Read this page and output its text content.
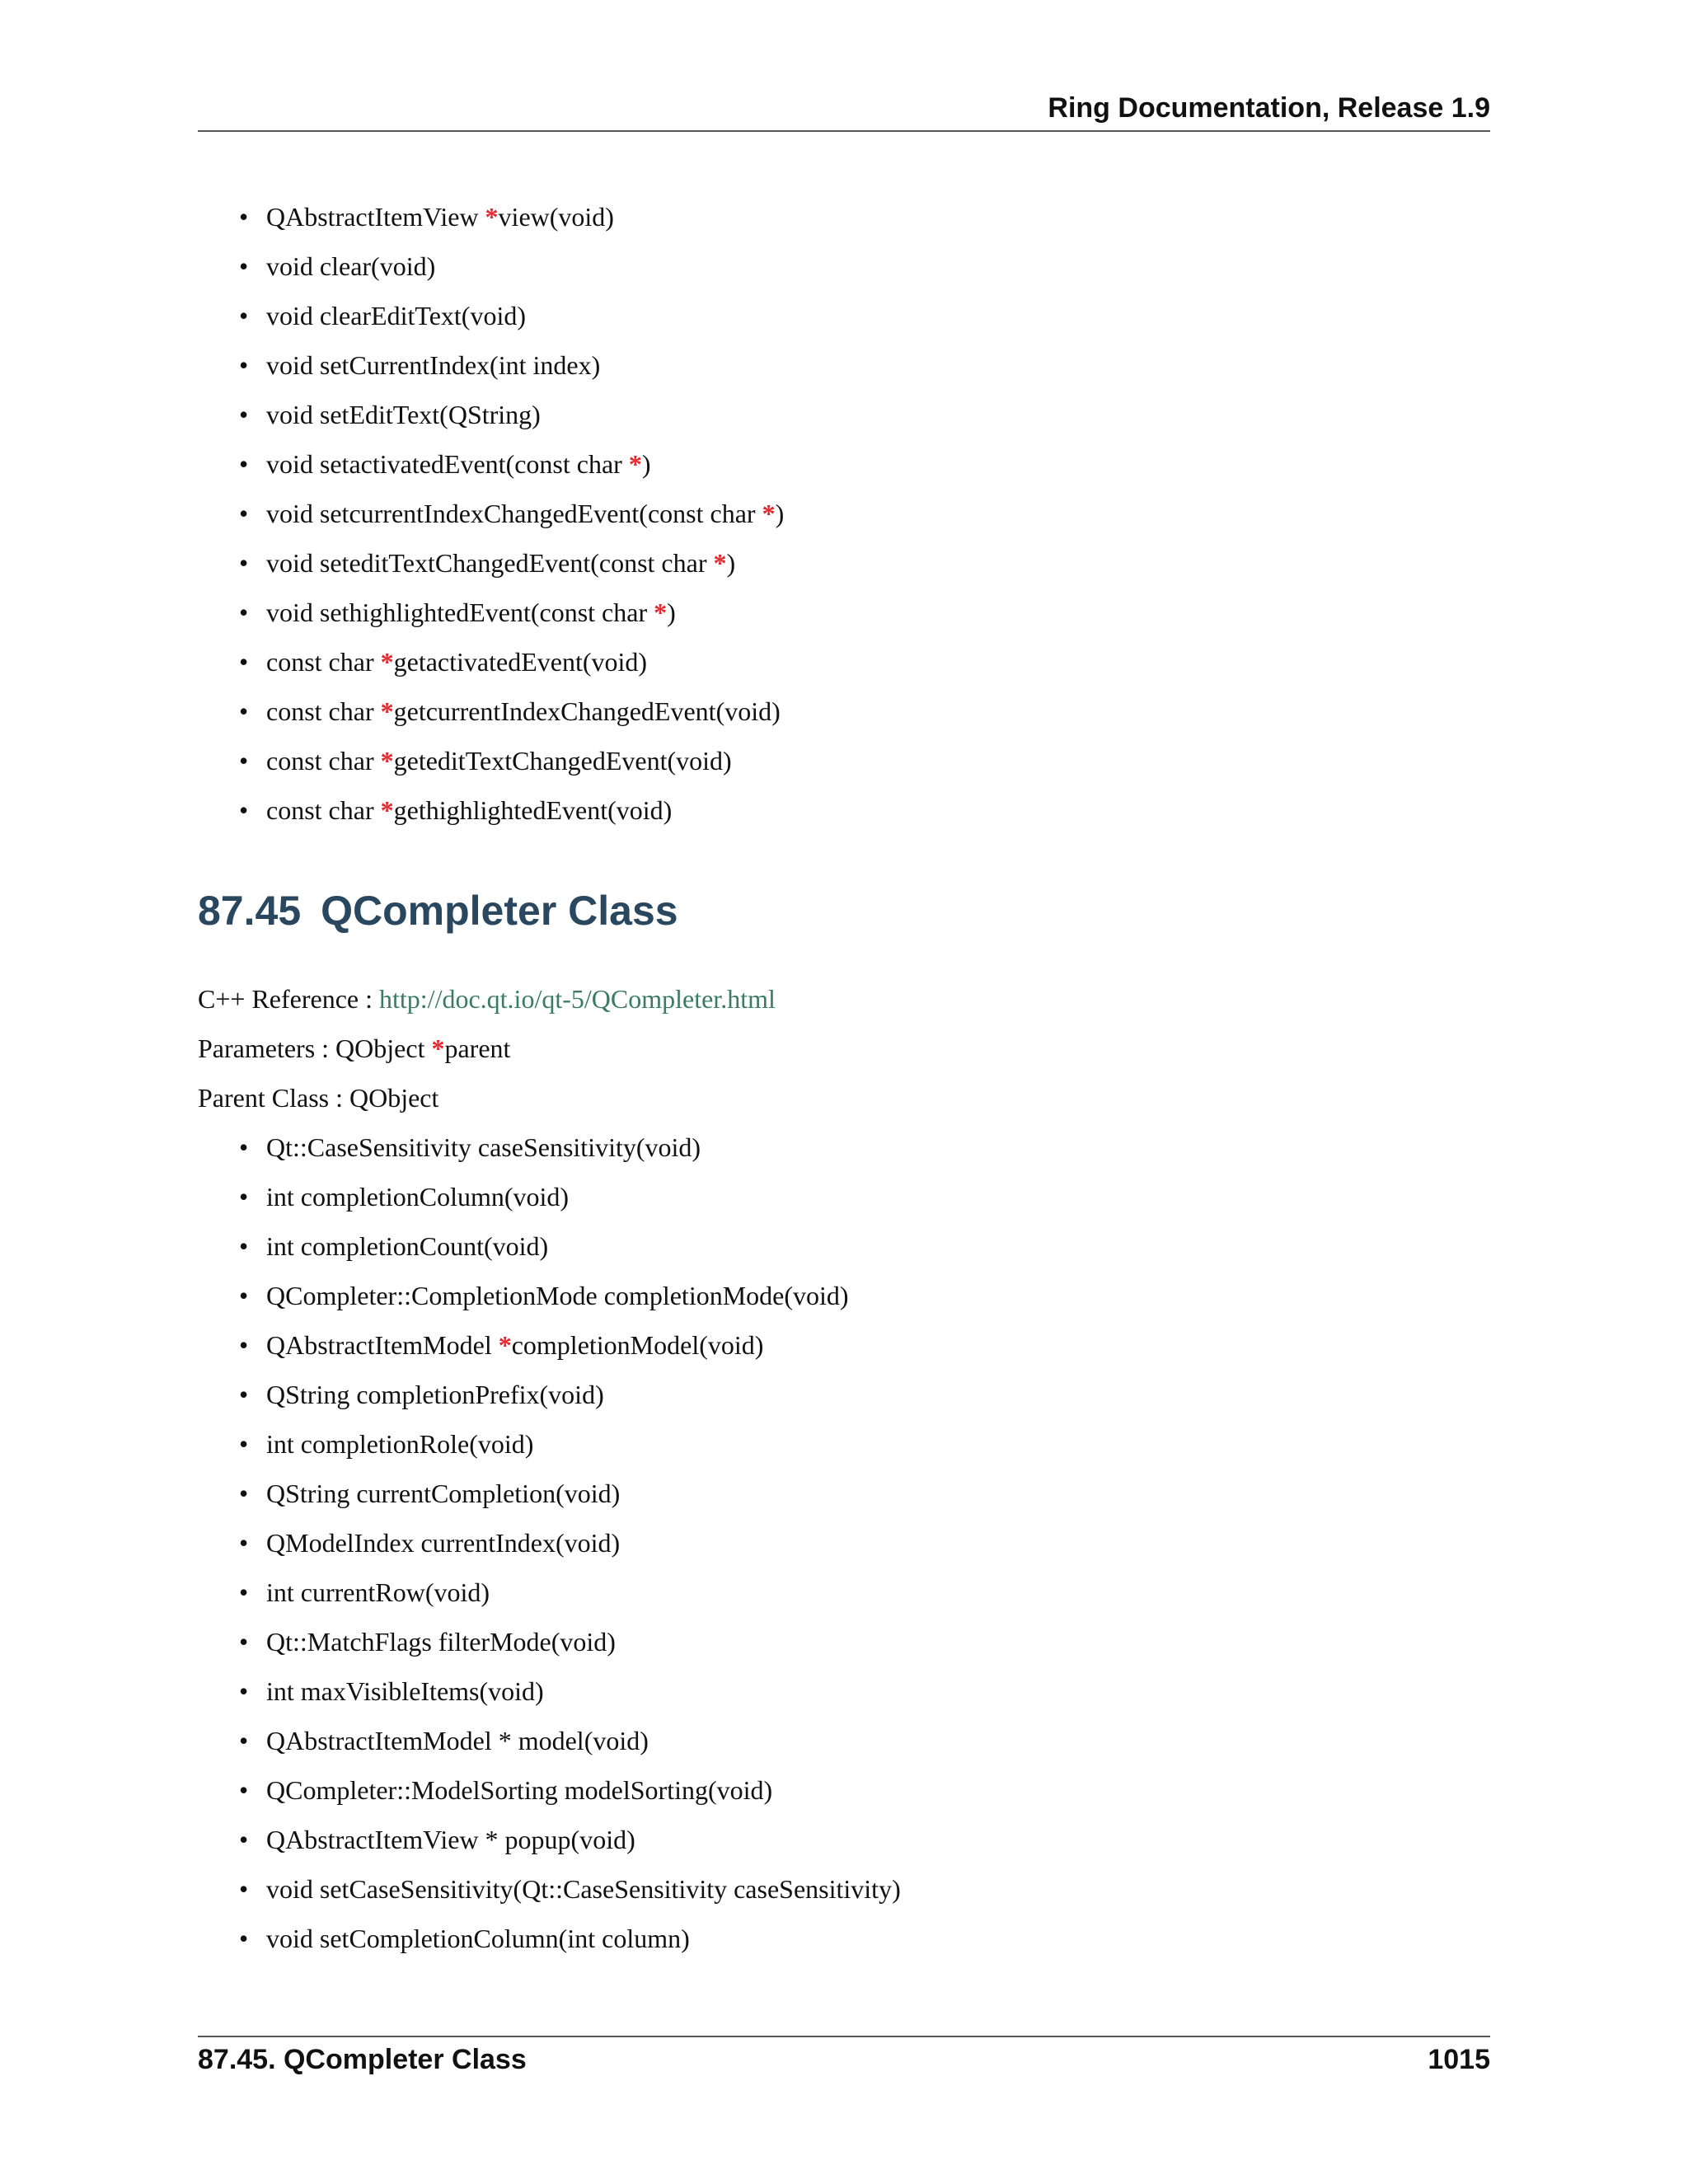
Ring Documentation, Release 1.9
• QAbstractItemView *view(void)
• void clear(void)
• void clearEditText(void)
• void setCurrentIndex(int index)
• void setEditText(QString)
• void setactivatedEvent(const char *)
• void setcurrentIndexChangedEvent(const char *)
• void seteditTextChangedEvent(const char *)
• void sethighlightedEvent(const char *)
• const char *getactivatedEvent(void)
• const char *getcurrentIndexChangedEvent(void)
• const char *geteditTextChangedEvent(void)
• const char *gethighlightedEvent(void)
87.45 QCompleter Class
C++ Reference : http://doc.qt.io/qt-5/QCompleter.html
Parameters : QObject *parent
Parent Class : QObject
• Qt::CaseSensitivity caseSensitivity(void)
• int completionColumn(void)
• int completionCount(void)
• QCompleter::CompletionMode completionMode(void)
• QAbstractItemModel *completionModel(void)
• QString completionPrefix(void)
• int completionRole(void)
• QString currentCompletion(void)
• QModelIndex currentIndex(void)
• int currentRow(void)
• Qt::MatchFlags filterMode(void)
• int maxVisibleItems(void)
• QAbstractItemModel * model(void)
• QCompleter::ModelSorting modelSorting(void)
• QAbstractItemView * popup(void)
• void setCaseSensitivity(Qt::CaseSensitivity caseSensitivity)
• void setCompletionColumn(int column)
87.45. QCompleter Class	1015
